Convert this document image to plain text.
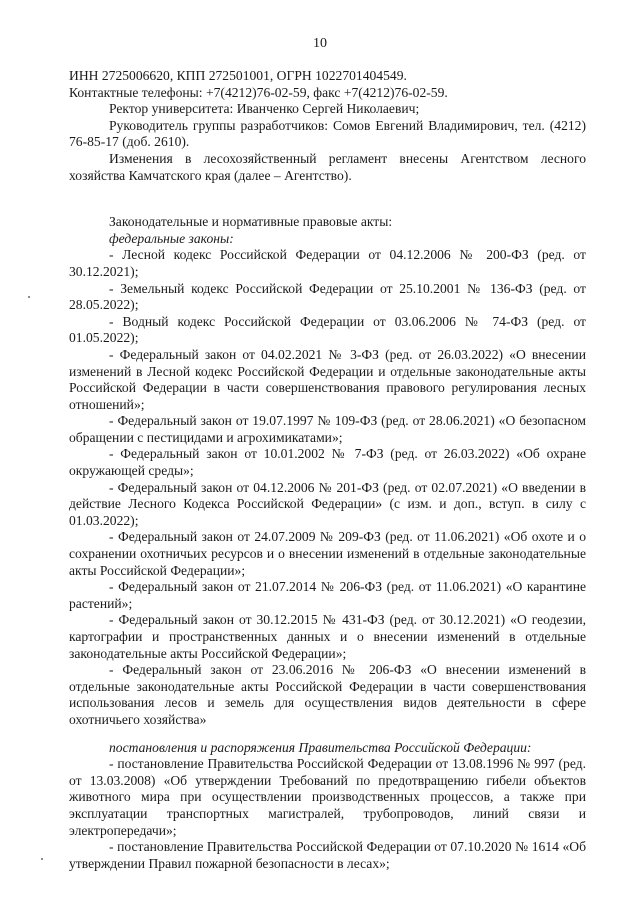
10

ИНН 2725006620, КПП 272501001, ОГРН 1022701404549.

Контактные телефоны: +7(4212)76-02-59, факс +7(4212)76-02-59.

Ректор университета: Иванченко Сергей Николаевич;

Руководитель группы разработчиков: Сомов Евгений Владимирович, тел. (4212) 76-85-17 (доб. 2610).

Изменения в лесохозяйственный регламент внесены Агентством лесного хозяйства Камчатского края (далее – Агентство).

Законодательные и нормативные правовые акты:

федеральные законы:

- Лесной кодекс Российской Федерации от 04.12.2006 № 200-ФЗ (ред. от 30.12.2021);

- Земельный кодекс Российской Федерации от 25.10.2001 № 136-ФЗ (ред. от 28.05.2022);

- Водный кодекс Российской Федерации от 03.06.2006 № 74-ФЗ (ред. от 01.05.2022);

- Федеральный закон от 04.02.2021 № 3-ФЗ (ред. от 26.03.2022) «О внесении изменений в Лесной кодекс Российской Федерации и отдельные законодательные акты Российской Федерации в части совершенствования правового регулирования лесных отношений»;

- Федеральный закон от 19.07.1997 № 109-ФЗ (ред. от 28.06.2021) «О безопасном обращении с пестицидами и агрохимикатами»;

- Федеральный закон от 10.01.2002 № 7-ФЗ (ред. от 26.03.2022) «Об охране окружающей среды»;

- Федеральный закон от 04.12.2006 № 201-ФЗ (ред. от 02.07.2021) «О введении в действие Лесного Кодекса Российской Федерации» (с изм. и доп., вступ. в силу с 01.03.2022);

- Федеральный закон от 24.07.2009 № 209-ФЗ (ред. от 11.06.2021) «Об охоте и о сохранении охотничьих ресурсов и о внесении изменений в отдельные законодательные акты Российской Федерации»;

- Федеральный закон от 21.07.2014 № 206-ФЗ (ред. от 11.06.2021) «О карантине растений»;

- Федеральный закон от 30.12.2015 № 431-ФЗ (ред. от 30.12.2021) «О геодезии, картографии и пространственных данных и о внесении изменений в отдельные законодательные акты Российской Федерации»;

- Федеральный закон от 23.06.2016 № 206-ФЗ «О внесении изменений в отдельные законодательные акты Российской Федерации в части совершенствования использования лесов и земель для осуществления видов деятельности в сфере охотничьего хозяйства»

постановления и распоряжения Правительства Российской Федерации:

- постановление Правительства Российской Федерации от 13.08.1996 № 997 (ред. от 13.03.2008) «Об утверждении Требований по предотвращению гибели объектов животного мира при осуществлении производственных процессов, а также при эксплуатации транспортных магистралей, трубопроводов, линий связи и электропередачи»;

- постановление Правительства Российской Федерации от 07.10.2020 № 1614 «Об утверждении Правил пожарной безопасности в лесах»;
